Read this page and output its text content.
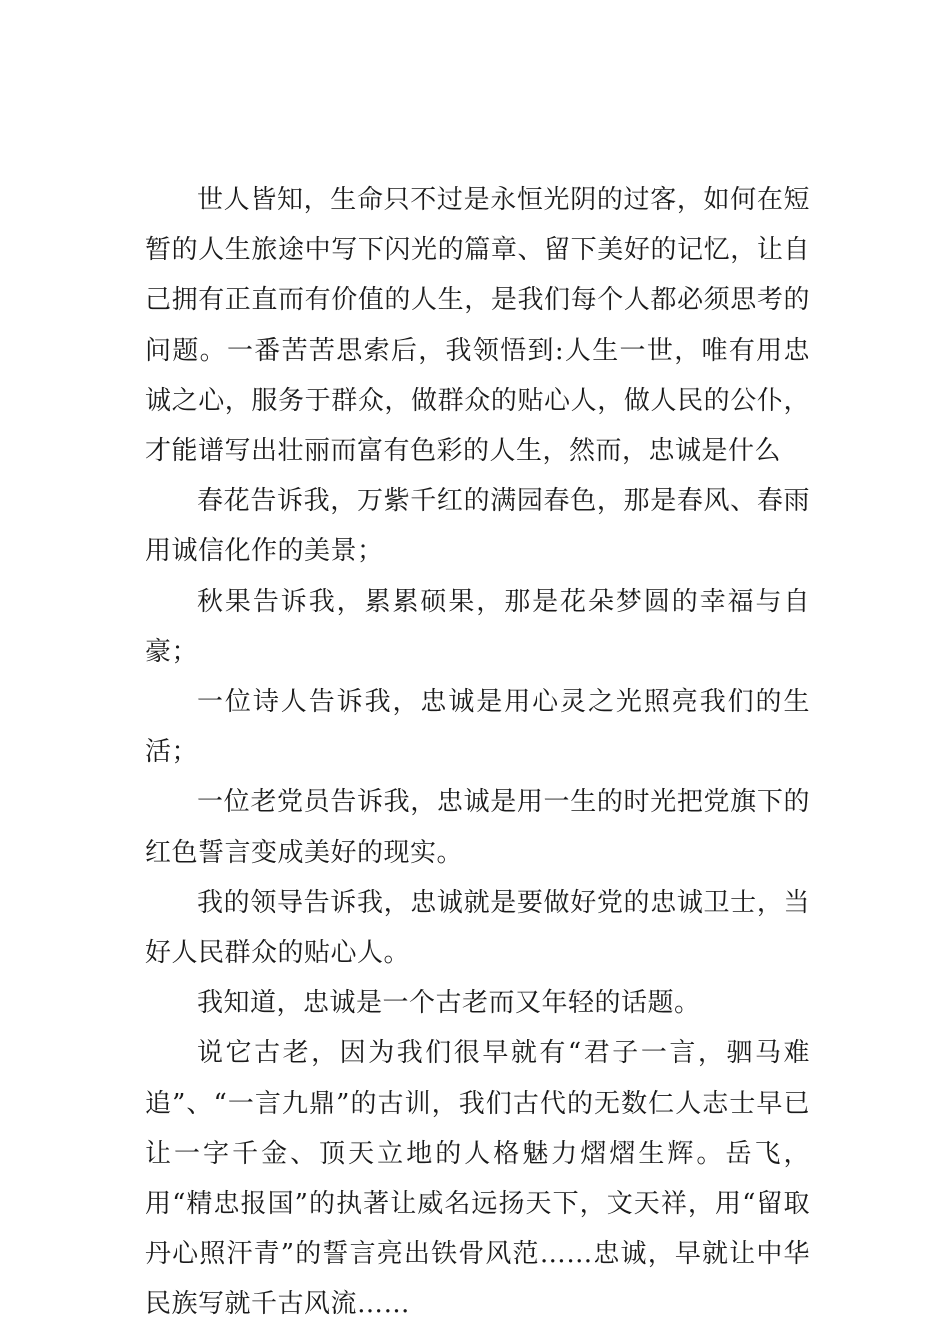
世人皆知，生命只不过是永恒光阴的过客，如何在短暂的人生旅途中写下闪光的篇章、留下美好的记忆，让自己拥有正直而有价值的人生，是我们每个人都必须思考的问题。一番苦苦思索后，我领悟到:人生一世，唯有用忠诚之心，服务于群众，做群众的贴心人，做人民的公仆，才能谱写出壮丽而富有色彩的人生，然而，忠诚是什么

春花告诉我，万紫千红的满园春色，那是春风、春雨用诚信化作的美景；

秋果告诉我，累累硕果，那是花朵梦圆的幸福与自豪；

一位诗人告诉我，忠诚是用心灵之光照亮我们的生活；

一位老党员告诉我，忠诚是用一生的时光把党旗下的红色誓言变成美好的现实。

我的领导告诉我，忠诚就是要做好党的忠诚卫士，当好人民群众的贴心人。

我知道，忠诚是一个古老而又年轻的话题。

说它古老，因为我们很早就有“君子一言，驷马难追”、“一言九鼎”的古训，我们古代的无数仁人志士早已让一字千金、顶天立地的人格魅力熠熠生辉。岳飞，用“精忠报国”的执著让威名远扬天下，文天祥，用“留取丹心照汗青”的誓言亮出铁骨风范……忠诚，早就让中华民族写就千古风流……
